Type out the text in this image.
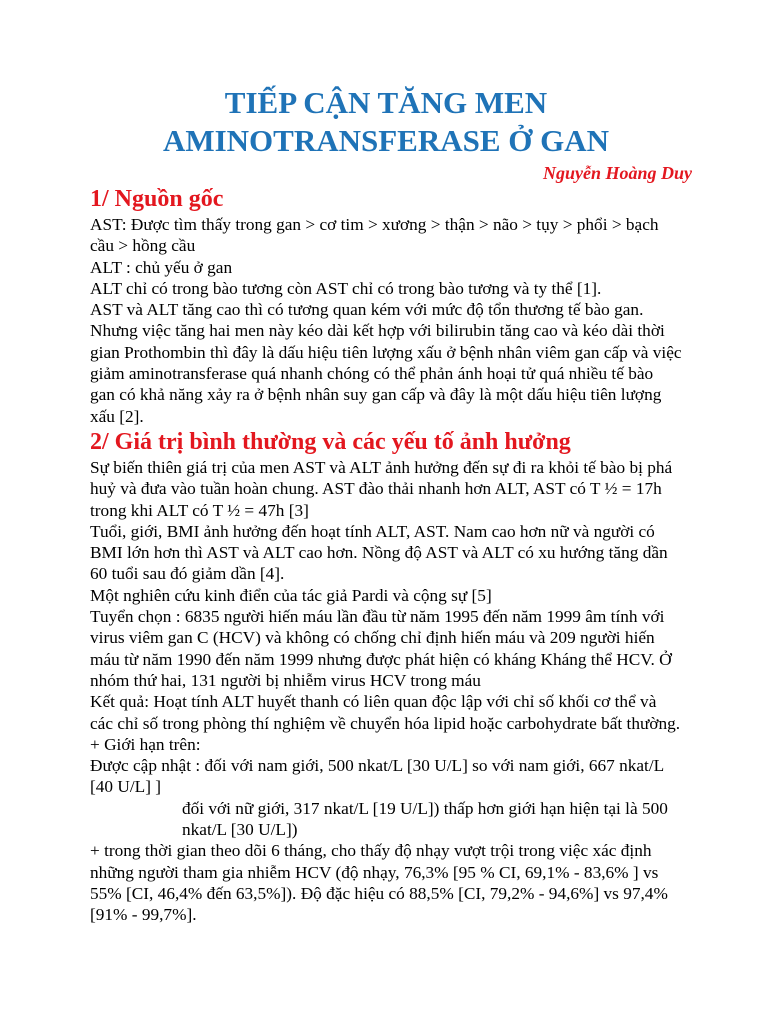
TIẾP CẬN TĂNG MEN
AMINOTRANSFERASE Ở GAN

Nguyễn Hoàng Duy

1/ Nguồn gốc

AST: Được tìm thấy trong gan > cơ tim > xương > thận > não > tụy > phổi > bạch cầu > hồng cầu

ALT : chủ yếu ở gan

ALT chỉ có trong bào tương còn AST chỉ có trong bào tương và ty thể [1].

AST và ALT tăng cao thì có tương quan kém với mức độ tổn thương tế bào gan. Nhưng việc tăng hai men này kéo dài kết hợp với bilirubin tăng cao và kéo dài thời gian Prothombin thì đây là dấu hiệu tiên lượng xấu ở bệnh nhân viêm gan cấp và việc giảm aminotransferase quá nhanh chóng có thể phản ánh hoại tử quá nhiều tế bào gan có khả năng xảy ra ở bệnh nhân suy gan cấp và đây là một dấu hiệu tiên lượng xấu [2].

2/ Giá trị bình thường và các yếu tố ảnh hưởng

Sự biến thiên giá trị của men AST và ALT ảnh hưởng đến sự đi ra khỏi tế bào bị phá huỷ và đưa vào tuần hoàn chung. AST đào thải nhanh hơn ALT, AST có T ½ = 17h trong khi ALT có T ½ = 47h [3]

Tuổi, giới, BMI ảnh hưởng đến hoạt tính ALT, AST. Nam cao hơn nữ và người có BMI lớn hơn thì AST và ALT cao hơn. Nồng độ AST và ALT có xu hướng tăng dần 60 tuổi sau đó giảm dần [4].

Một nghiên cứu kinh điển của tác giả Pardi và cộng sự [5]

Tuyển chọn : 6835 người hiến máu lần đầu từ năm 1995 đến năm 1999 âm tính với virus viêm gan C (HCV) và không có chống chỉ định hiến máu và 209 người hiến máu từ năm 1990 đến năm 1999 nhưng được phát hiện có kháng Kháng thể HCV. Ở nhóm thứ hai, 131 người bị nhiễm virus HCV trong máu

Kết quả: Hoạt tính ALT huyết thanh có liên quan độc lập với chỉ số khối cơ thể và các chỉ số trong phòng thí nghiệm về chuyển hóa lipid hoặc carbohydrate bất thường.

+ Giới hạn trên:

Được cập nhật : đối với nam giới, 500 nkat/L [30 U/L] so với nam giới, 667 nkat/L [40 U/L] ]

đối với nữ giới, 317 nkat/L [19 U/L]) thấp hơn giới hạn hiện tại là 500 nkat/L [30 U/L])

+ trong thời gian theo dõi 6 tháng, cho thấy độ nhạy vượt trội trong việc xác định những người tham gia nhiễm HCV (độ nhạy, 76,3% [95 % CI, 69,1% - 83,6% ] vs 55% [CI, 46,4% đến 63,5%]). Độ đặc hiệu có 88,5% [CI, 79,2% - 94,6%] vs 97,4% [91% - 99,7%].
